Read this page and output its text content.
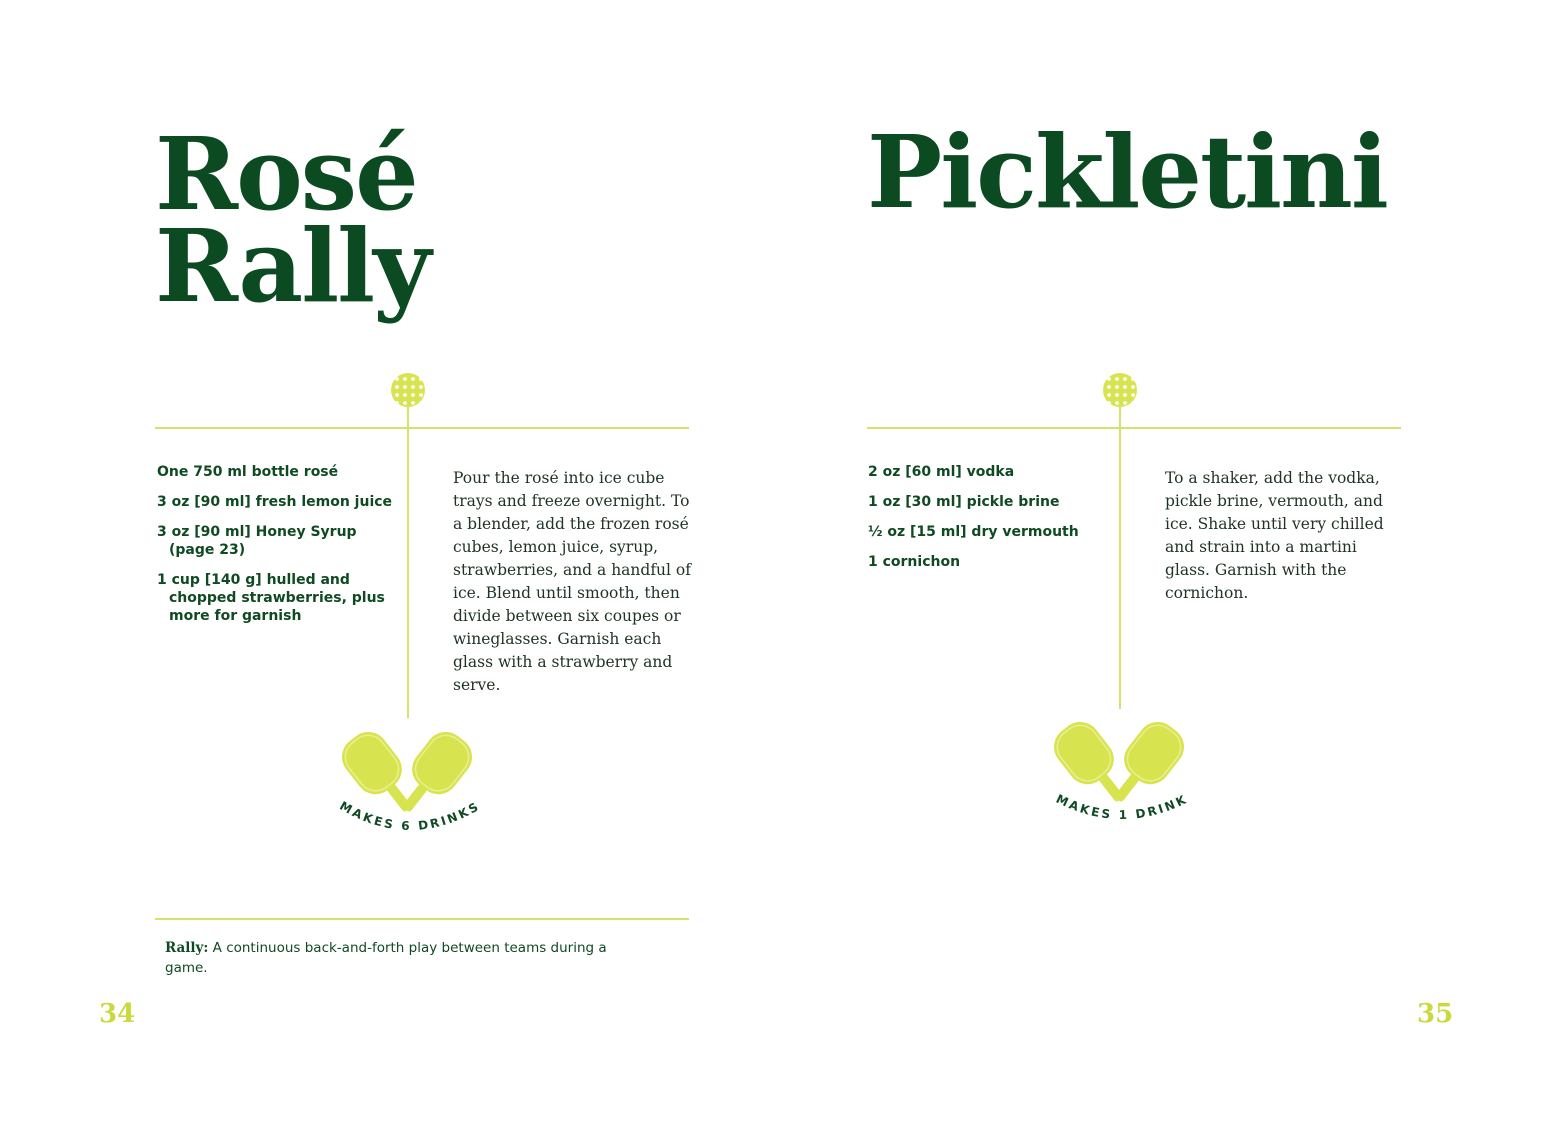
Rosé
Rally
One 750 ml bottle rosé
3 oz [90 ml] fresh lemon juice
3 oz [90 ml] Honey Syrup (page 23)
1 cup [140 g] hulled and chopped strawberries, plus more for garnish

Pour the rosé into ice cube trays and freeze overnight. To a blender, add the frozen rosé cubes, lemon juice, syrup, strawberries, and a handful of ice. Blend until smooth, then divide between six coupes or wineglasses. Garnish each glass with a strawberry and serve.

MAKES 6 DRINKS

Rally: A continuous back-and-forth play between teams during a game.

34
Pickletini
2 oz [60 ml] vodka
1 oz [30 ml] pickle brine
½ oz [15 ml] dry vermouth
1 cornichon

To a shaker, add the vodka, pickle brine, vermouth, and ice. Shake until very chilled and strain into a martini glass. Garnish with the cornichon.

MAKES 1 DRINK
35
